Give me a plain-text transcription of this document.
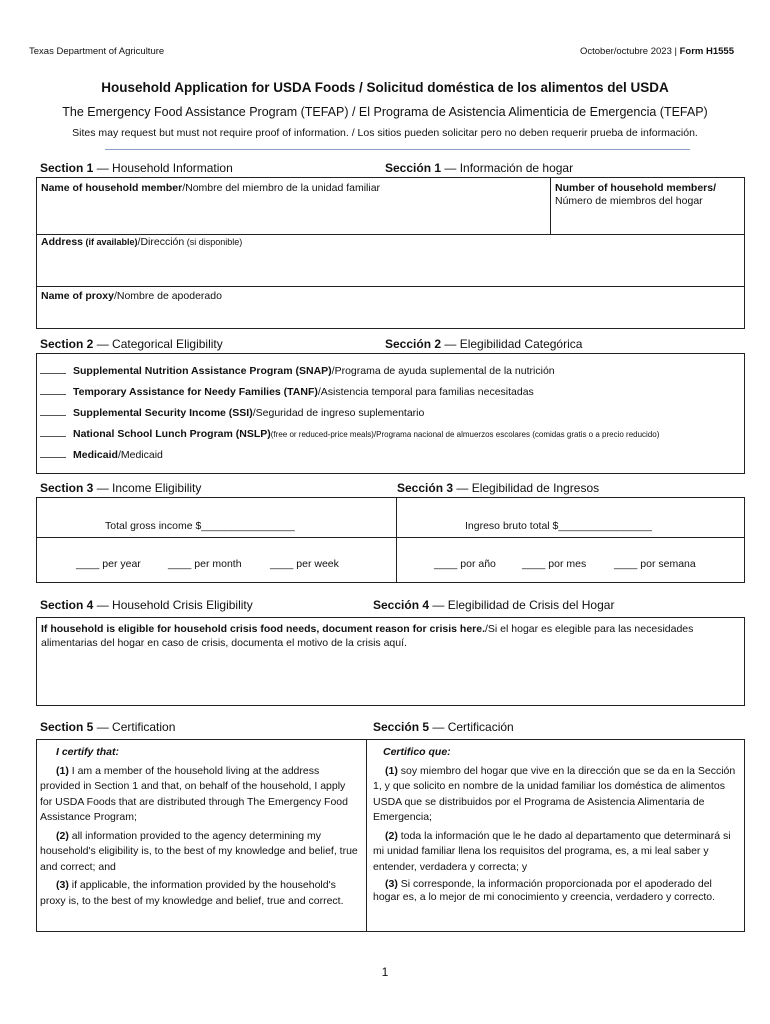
Texas Department of Agriculture	October/octubre 2023 | Form H1555
Household Application for USDA Foods / Solicitud doméstica de los alimentos del USDA
The Emergency Food Assistance Program (TEFAP) / El Programa de Asistencia Alimenticia de Emergencia (TEFAP)
Sites may request but must not require proof of information. / Los sitios pueden solicitar pero no deben requerir prueba de información.
Section 1 — Household Information	Sección 1 — Información de hogar
Name of household member/Nombre del miembro de la unidad familiar	Number of household members/
Número de miembros del hogar
Address (if available)/Dirección (si disponible)
Name of proxy/Nombre de apoderado
Section 2 — Categorical Eligibility	Sección 2 — Elegibilidad Categórica
Supplemental Nutrition Assistance Program (SNAP) /Programa de ayuda suplemental de la nutrición
Temporary Assistance for Needy Families (TANF) /Asistencia temporal para familias necesitadas
Supplemental Security Income (SSI) /Seguridad de ingreso suplementario
National School Lunch Program (NSLP) (free or reduced-price meals)/Programa nacional de almuerzos escolares (comidas gratis o a precio reducido)
Medicaid /Medicaid
Section 3 — Income Eligibility	Sección 3 — Elegibilidad de Ingresos
Total gross income $________________	Ingreso bruto total $________________
____ per year	____ per month	____ per week	____ por año ____ por mes	____ por semana
Section 4 — Household Crisis Eligibility	Sección 4 — Elegibilidad de Crisis del Hogar
If household is eligible for household crisis food needs, document reason for crisis here./Si el hogar es elegible para las necesidades alimentarias del hogar en caso de crisis, documenta el motivo de la crisis aquí.
Section 5 — Certification	Sección 5 — Certificación

I certify that:

(1) I am a member of the household living at the address provided in Section 1 and that, on behalf of the household, I apply for USDA Foods that are distributed through The Emergency Food Assistance Program;

(2) all information provided to the agency determining my household's eligibility is, to the best of my knowledge and belief, true and correct; and

(3) if applicable, the information provided by the household's proxy is, to the best of my knowledge and belief, true and correct.

Certifico que:

(1) soy miembro del hogar que vive en la dirección que se da en la Sección 1, y que solicito en nombre de la unidad familiar los doméstica de alimentos USDA que se distribuidos por el Programa de Asistencia Alimentaria de Emergencia;

(2) toda la información que le he dado al departamento que determinará si mi unidad familiar llena los requisitos del programa, es, a mi leal saber y entender, verdadera y correcta; y

(3) Si corresponde, la información proporcionada por el apoderado del hogar es, a lo mejor de mi conocimiento y creencia, verdadero y correcto.

1
